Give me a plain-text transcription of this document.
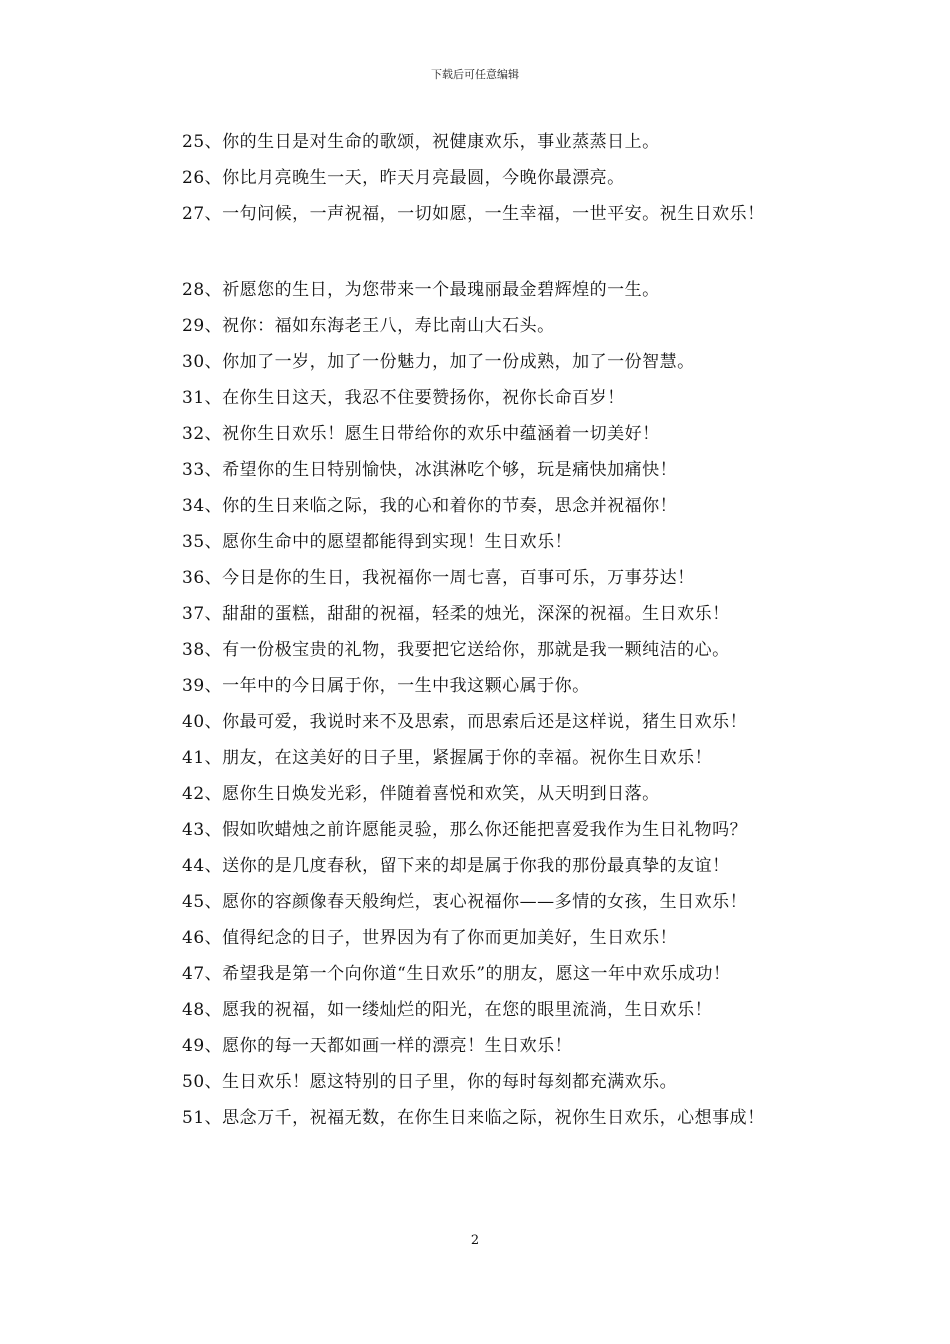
下载后可任意编辑
25、你的生日是对生命的歌颂，祝健康欢乐，事业蒸蒸日上。
26、你比月亮晚生一天，昨天月亮最圆，今晚你最漂亮。
27、一句问候，一声祝福，一切如愿，一生幸福，一世平安。祝生日欢乐！
28、祈愿您的生日，为您带来一个最瑰丽最金碧辉煌的一生。
29、祝你：福如东海老王八，寿比南山大石头。
30、你加了一岁，加了一份魅力，加了一份成熟，加了一份智慧。
31、在你生日这天，我忍不住要赞扬你，祝你长命百岁！
32、祝你生日欢乐！愿生日带给你的欢乐中蕴涵着一切美好！
33、希望你的生日特别愉快，冰淇淋吃个够，玩是痛快加痛快！
34、你的生日来临之际，我的心和着你的节奏，思念并祝福你！
35、愿你生命中的愿望都能得到实现！生日欢乐！
36、今日是你的生日，我祝福你一周七喜，百事可乐，万事芬达！
37、甜甜的蛋糕，甜甜的祝福，轻柔的烛光，深深的祝福。生日欢乐！
38、有一份极宝贵的礼物，我要把它送给你，那就是我一颗纯洁的心。
39、一年中的今日属于你，一生中我这颗心属于你。
40、你最可爱，我说时来不及思索，而思索后还是这样说，猪生日欢乐！
41、朋友，在这美好的日子里，紧握属于你的幸福。祝你生日欢乐！
42、愿你生日焕发光彩，伴随着喜悦和欢笑，从天明到日落。
43、假如吹蜡烛之前许愿能灵验，那么你还能把喜爱我作为生日礼物吗？
44、送你的是几度春秋，留下来的却是属于你我的那份最真挚的友谊！
45、愿你的容颜像春天般绚烂，衷心祝福你——多情的女孩，生日欢乐！
46、值得纪念的日子，世界因为有了你而更加美好，生日欢乐！
47、希望我是第一个向你道“生日欢乐”的朋友，愿这一年中欢乐成功！
48、愿我的祝福，如一缕灿烂的阳光，在您的眼里流淌，生日欢乐！
49、愿你的每一天都如画一样的漂亮！生日欢乐！
50、生日欢乐！愿这特别的日子里，你的每时每刻都充满欢乐。
51、思念万千，祝福无数，在你生日来临之际，祝你生日欢乐，心想事成！
2
